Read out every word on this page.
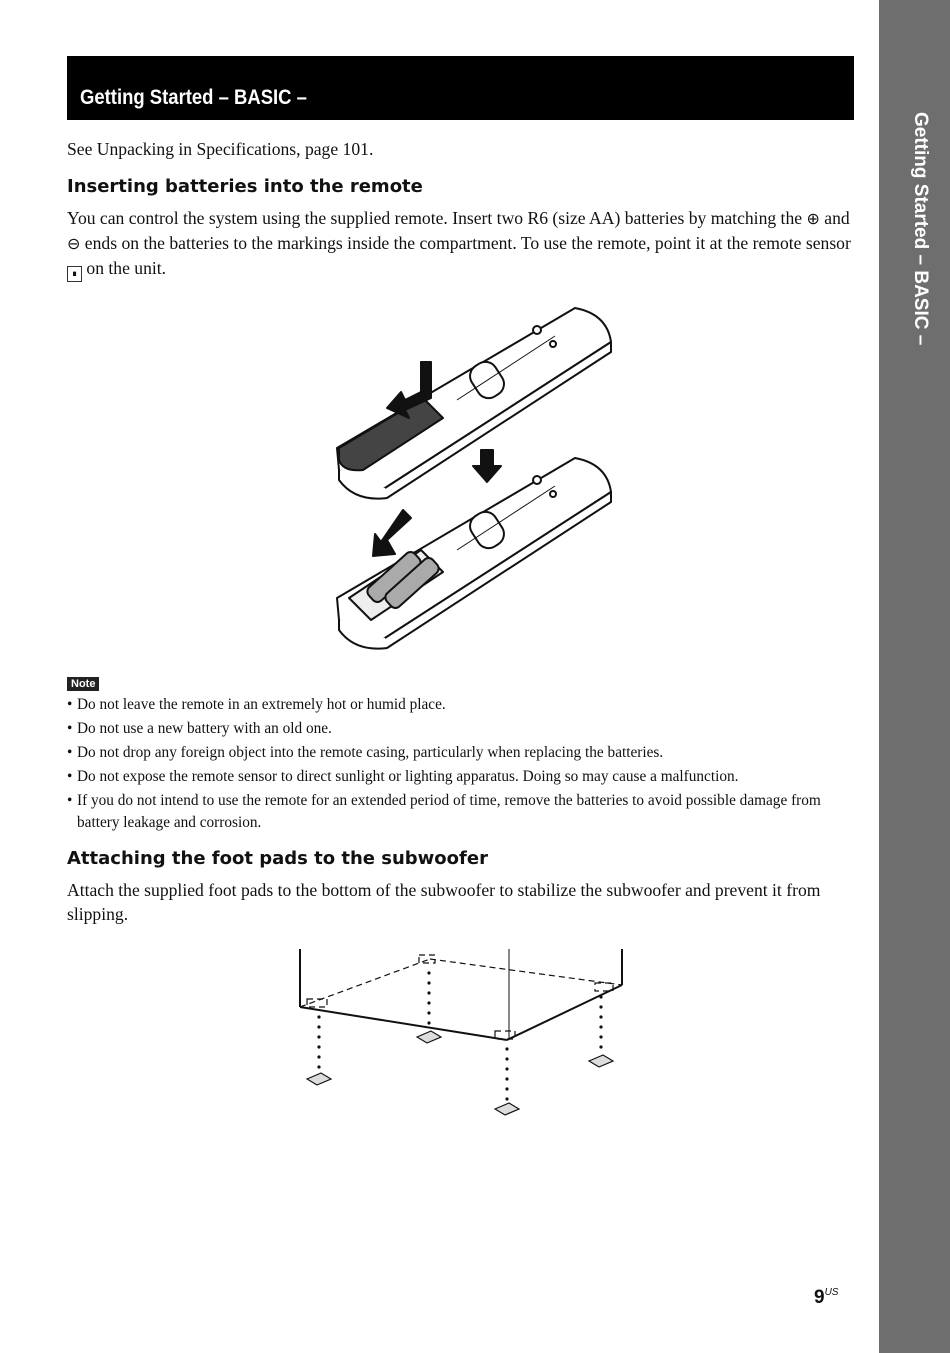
Getting Started – BASIC –
Getting Started – BASIC –

See Unpacking in Specifications, page 101.

Inserting batteries into the remote

You can control the system using the supplied remote. Insert two R6 (size AA) batteries by matching the ⊕ and ⊖ ends on the batteries to the markings inside the compartment. To use the remote, point it at the remote sensor ∎ on the unit.

Note
• Do not leave the remote in an extremely hot or humid place.
• Do not use a new battery with an old one.
• Do not drop any foreign object into the remote casing, particularly when replacing the batteries.
• Do not expose the remote sensor to direct sunlight or lighting apparatus. Doing so may cause a malfunction.
• If you do not intend to use the remote for an extended period of time, remove the batteries to avoid possible damage from battery leakage and corrosion.
Attaching the foot pads to the subwoofer

Attach the supplied foot pads to the bottom of the subwoofer to stabilize the subwoofer and prevent it from slipping.

$9^{US}$
